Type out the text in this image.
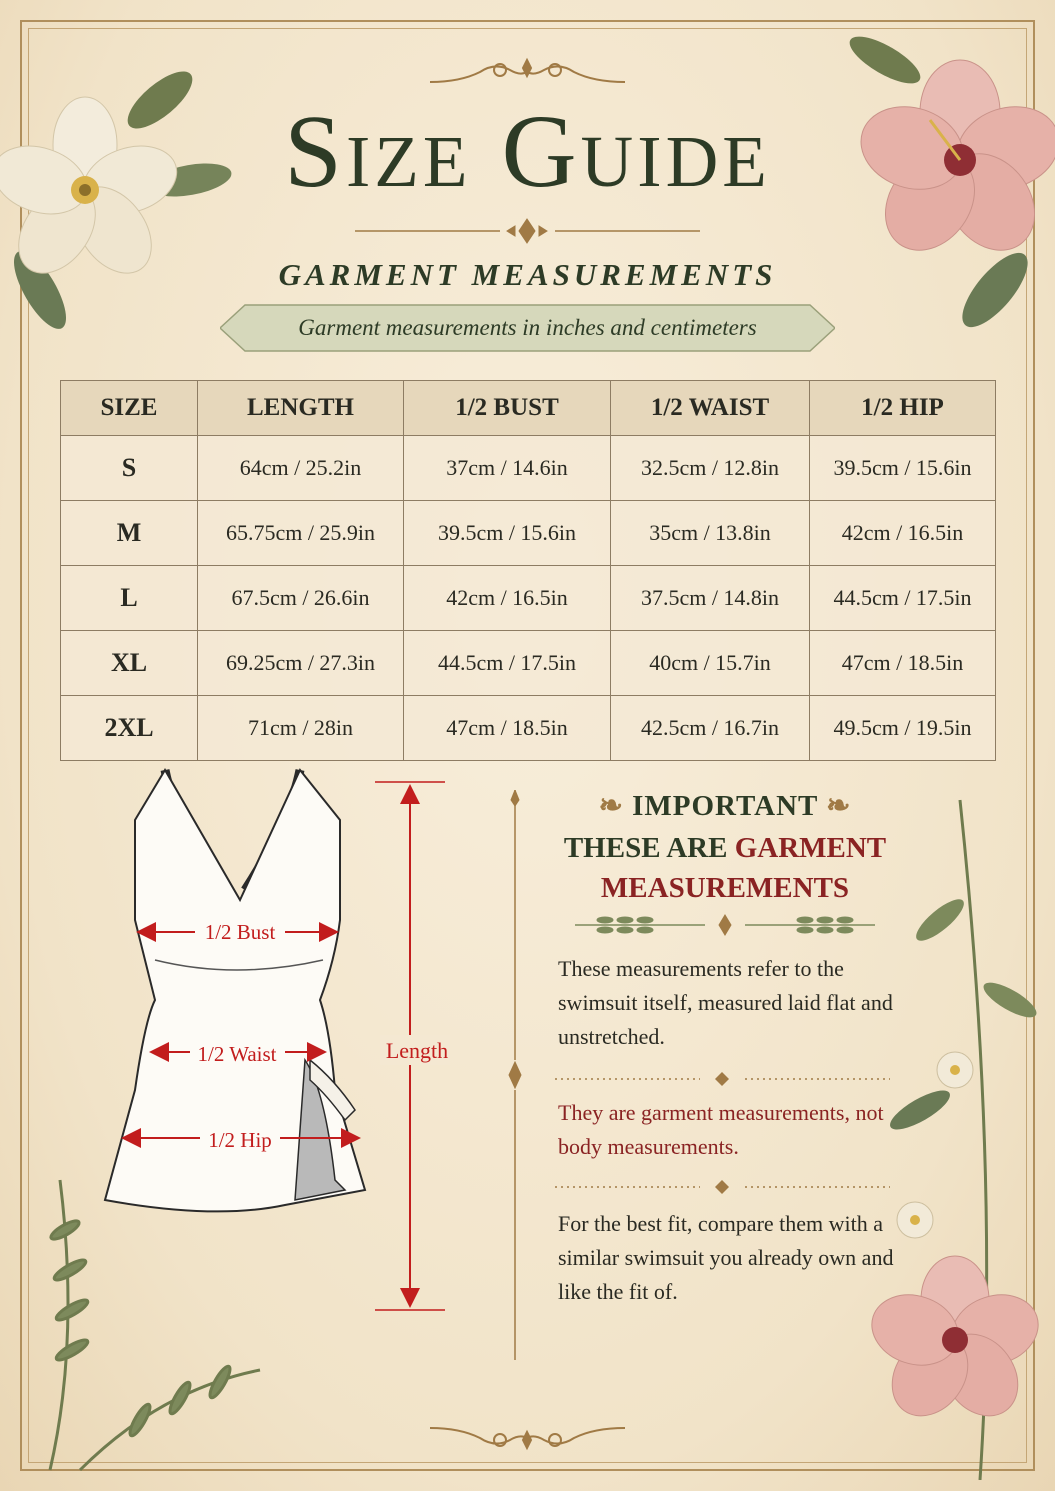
Size Guide
GARMENT MEASUREMENTS
Garment measurements in inches and centimeters
SIZE	LENGTH	1/2 BUST	1/2 WAIST	1/2 HIP
S	64cm / 25.2in	37cm / 14.6in	32.5cm / 12.8in	39.5cm / 15.6in
M	65.75cm / 25.9in	39.5cm / 15.6in	35cm / 13.8in	42cm / 16.5in
L	67.5cm / 26.6in	42cm / 16.5in	37.5cm / 14.8in	44.5cm / 17.5in
XL	69.25cm / 27.3in	44.5cm / 17.5in	40cm / 15.7in	47cm / 18.5in
2XL	71cm / 28in	47cm / 18.5in	42.5cm / 16.7in	49.5cm / 19.5in
1/2 Bust
1/2 Waist
1/2 Hip
Length
❧ IMPORTANT ❧
THESE ARE GARMENT
MEASUREMENTS
These measurements refer to the swimsuit itself, measured laid flat and unstretched.
They are garment measurements, not body measurements.
For the best fit, compare them with a similar swimsuit you already own and like the fit of.
